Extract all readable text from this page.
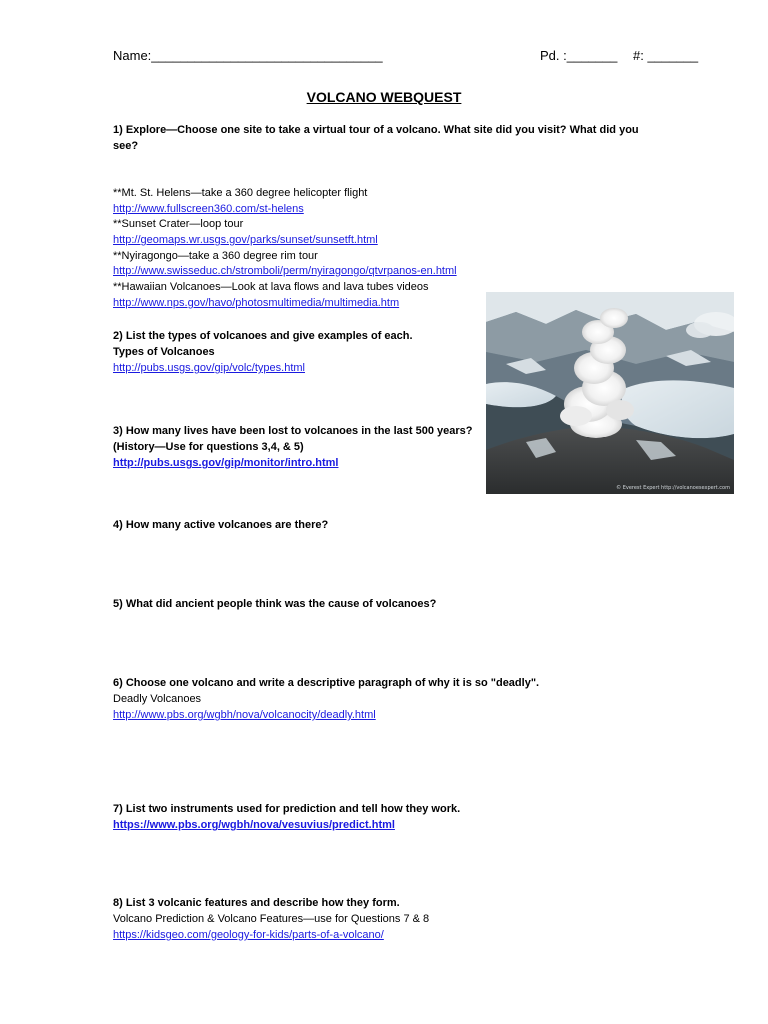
Name:________________________________	Pd. :_______ #: _______
VOLCANO WEBQUEST
1) Explore—Choose one site to take a virtual tour of a volcano. What site did you visit? What did you
see?
**Mt. St. Helens—take a 360 degree helicopter flight
http://www.fullscreen360.com/st-helens
**Sunset Crater—loop tour
http://geomaps.wr.usgs.gov/parks/sunset/sunsetft.html
**Nyiragongo—take a 360 degree rim tour
http://www.swisseduc.ch/stromboli/perm/nyiragongo/qtvrpanos-en.html
**Hawaiian Volcanoes—Look at lava flows and lava tubes videos
http://www.nps.gov/havo/photosmultimedia/multimedia.htm
© Everest Expert http://volcanoesexpert.com
2) List the types of volcanoes and give examples of each.
Types of Volcanoes
http://pubs.usgs.gov/gip/volc/types.html
3) How many lives have been lost to volcanoes in the last 500 years?
(History—Use for questions 3,4, & 5)
http://pubs.usgs.gov/gip/monitor/intro.html
4) How many active volcanoes are there?
5) What did ancient people think was the cause of volcanoes?
6) Choose one volcano and write a descriptive paragraph of why it is so "deadly".
Deadly Volcanoes
http://www.pbs.org/wgbh/nova/volcanocity/deadly.html
7) List two instruments used for prediction and tell how they work.
https://www.pbs.org/wgbh/nova/vesuvius/predict.html
8) List 3 volcanic features and describe how they form.
Volcano Prediction & Volcano Features—use for Questions 7 & 8
https://kidsgeo.com/geology-for-kids/parts-of-a-volcano/
